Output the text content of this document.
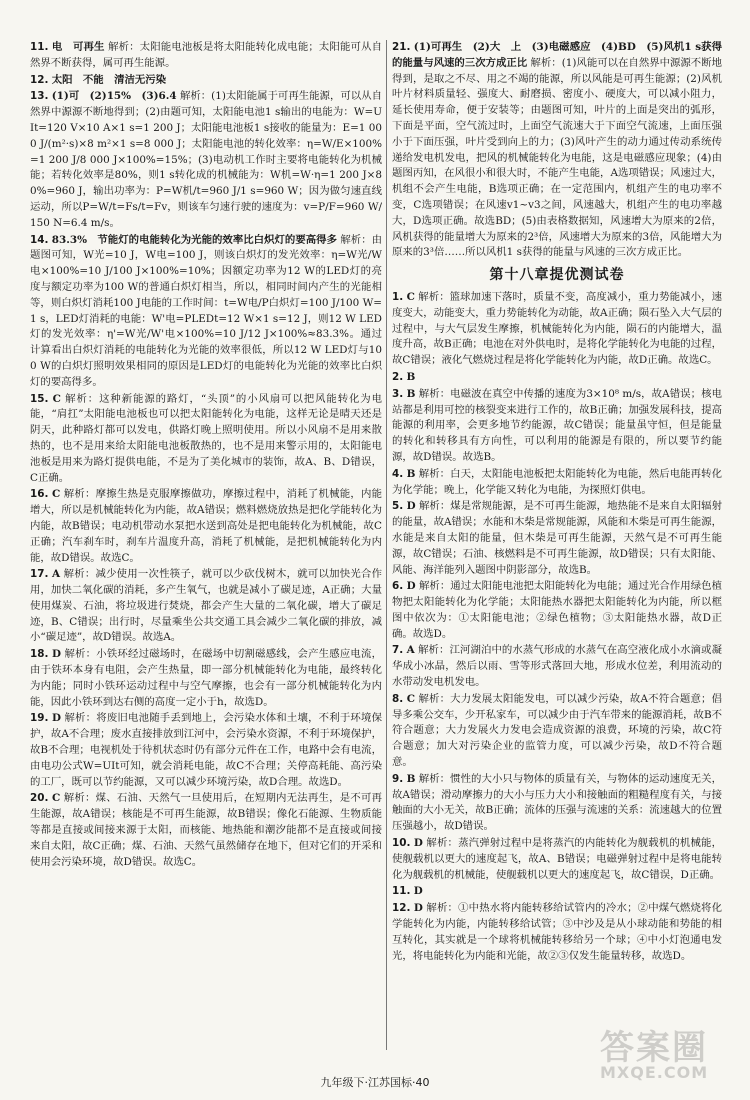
11. 电　可再生 解析：太阳能电池板是将太阳能转化成电能；太阳能可从自然界不断获得，属可再生能源。
12. 太阳　不能　清洁无污染
13. (1)可　(2)15%　(3)6.4 解析：(1)太阳能属于可再生能源，可以从自然界中源源不断地得到；(2)由题可知，太阳能电池1 s输出的电能为：W=UIt=120 V×10 A×1 s=1 200 J；太阳能电池板1 s接收的能量为：E=1 000 J/(m²·s)×8 m²×1 s=8 000 J；太阳能电池的转化效率：η=W/E×100%=1 200 J/8 000 J×100%=15%；(3)电动机工作时主要将电能转化为机械能；若转化效率是80%，则1 s转化成的机械能为：W机=W·η=1 200 J×80%=960 J，输出功率为：P=W机/t=960 J/1 s=960 W；因为做匀速直线运动，所以P=W/t=Fs/t=Fv，则该车匀速行驶的速度为：v=P/F=960 W/150 N=6.4 m/s。
14. 83.3%　节能灯的电能转化为光能的效率比白炽灯的要高得多 解析：由题图可知，W光=10 J，W电=100 J，则该白炽灯的发光效率：η=W光/W电×100%=10 J/100 J×100%=10%；因额定功率为12 W的LED灯的亮度与额定功率为100 W的普通白炽灯相当，所以，相同时间内产生的光能相等，则白炽灯消耗100 J电能的工作时间：t=W电/P白炽灯=100 J/100 W=1 s，LED灯消耗的电能：W'电=PLEDt=12 W×1 s=12 J，则12 W LED灯的发光效率：η'=W光/W'电×100%=10 J/12 J×100%≈83.3%。通过计算看出白炽灯消耗的电能转化为光能的效率很低，所以12 W LED灯与100 W的白炽灯照明效果相同的原因是LED灯的电能转化为光能的效率比白炽灯的要高得多。
15. C 解析：这种新能源的路灯，“头顶”的小风扇可以把风能转化为电能，“肩扛”太阳能电池板也可以把太阳能转化为电能，这样无论是晴天还是阴天，此种路灯都可以发电，供路灯晚上照明使用。所以小风扇不是用来散热的，也不是用来给太阳能电池板散热的，也不是用来警示用的，太阳能电池板是用来为路灯提供电能，不是为了美化城市的装饰，故A、B、D错误，C正确。
16. C 解析：摩擦生热是克服摩擦做功，摩擦过程中，消耗了机械能，内能增大，所以是机械能转化为内能，故A错误；燃料燃烧放热是把化学能转化为内能，故B错误；电动机带动水泵把水送到高处是把电能转化为机械能，故C正确；汽车刹车时，刹车片温度升高，消耗了机械能，是把机械能转化为内能，故D错误。故选C。
17. A 解析：减少使用一次性筷子，就可以少砍伐树木，就可以加快光合作用，加快二氧化碳的消耗，多产生氧气，也就是减小了碳足迹，A正确；大量使用煤炭、石油，将垃圾进行焚烧，都会产生大量的二氧化碳，增大了碳足迹，B、C错误；出行时，尽量乘坐公共交通工具会减少二氧化碳的排放，减小“碳足迹”，故D错误。故选A。
18. D 解析：小铁环经过磁场时，在磁场中切割磁感线，会产生感应电流，由于铁环本身有电阻，会产生热量，即一部分机械能转化为电能，最终转化为内能；同时小铁环运动过程中与空气摩擦，也会有一部分机械能转化为内能，因此小铁环到达右侧的高度一定小于h，故选D。
19. D 解析：将废旧电池随手丢到地上，会污染水体和土壤，不利于环境保护，故A不合理；废水直接排放到江河中，会污染水资源，不利于环境保护，故B不合理；电视机处于待机状态时仍有部分元件在工作，电路中会有电流，由电功公式W=UIt可知，就会消耗电能，故C不合理；关停高耗能、高污染的工厂，既可以节约能源，又可以减少环境污染，故D合理。故选D。
20. C 解析：煤、石油、天然气一旦使用后，在短期内无法再生，是不可再生能源，故A错误；核能是不可再生能源，故B错误；像化石能源、生物质能等都是直接或间接来源于太阳，而核能、地热能和潮汐能都不是直接或间接来自太阳，故C正确；煤、石油、天然气虽然储存在地下，但对它们的开采和使用会污染环境，故D错误。故选C。
21. (1)可再生　(2)大　上　(3)电磁感应　(4)BD　(5)风机1 s获得的能量与风速的三次方成正比 解析：(1)风能可以在自然界中源源不断地得到，是取之不尽、用之不竭的能源，所以风能是可再生能源；(2)风机叶片材料质量轻、强度大、耐磨损、密度小、硬度大，可以减小阻力，延长使用寿命，便于安装等；由题图可知，叶片的上面是突出的弧形，下面是平面，空气流过时，上面空气流速大于下面空气流速，上面压强小于下面压强，叶片受到向上的力；(3)风叶产生的动力通过传动系统传递给发电机发电，把风的机械能转化为电能，这是电磁感应现象；(4)由题图丙知，在风很小和很大时，不能产生电能，A选项错误；风速过大，机组不会产生电能，B选项正确；在一定范围内，机组产生的电功率不变，C选项错误；在风速v1~v3之间，风速越大，机组产生的电功率越大，D选项正确。故选BD；(5)由表格数据知，风速增大为原来的2倍，风机获得的能量增大为原来的2³倍，风速增大为原来的3倍，风能增大为原来的3³倍……所以风机1 s获得的能量与风速的三次方成正比。
第十八章提优测试卷
1. C 解析：篮球加速下落时，质量不变，高度减小，重力势能减小，速度变大，动能变大，重力势能转化为动能，故A正确；陨石坠入大气层的过程中，与大气层发生摩擦，机械能转化为内能，陨石的内能增大，温度升高，故B正确；电池在对外供电时，是将化学能转化为电能的过程，故C错误；液化气燃烧过程是将化学能转化为内能，故D正确。故选C。
2. B
3. B 解析：电磁波在真空中传播的速度为3×10⁸ m/s，故A错误；核电站都是利用可控的核裂变来进行工作的，故B正确；加强发展科技，提高能源的利用率，会更多地节约能源，故C错误；能量虽守恒，但是能量的转化和转移具有方向性，可以利用的能源是有限的，所以要节约能源，故D错误。故选B。
4. B 解析：白天，太阳能电池板把太阳能转化为电能，然后电能再转化为化学能；晚上，化学能又转化为电能，为探照灯供电。
5. D 解析：煤是常规能源，是不可再生能源，地热能不是来自太阳辐射的能量，故A错误；水能和木柴是常规能源，风能和木柴是可再生能源，水能是来自太阳的能量，但木柴是可再生能源，天然气是不可再生能源，故C错误；石油、核燃料是不可再生能源，故D错误；只有太阳能、风能、海洋能列入题图中阴影部分，故选B。
6. D 解析：通过太阳能电池把太阳能转化为电能；通过光合作用绿色植物把太阳能转化为化学能；太阳能热水器把太阳能转化为内能，所以框图中依次为：①太阳能电池；②绿色植物；③太阳能热水器，故D正确。故选D。
7. A 解析：江河湖泊中的水蒸气形成的水蒸气在高空液化成小水滴或凝华成小冰晶，然后以雨、雪等形式落回大地，形成水位差，利用流动的水带动发电机发电。
8. C 解析：大力发展太阳能发电，可以减少污染，故A不符合题意；倡导多乘公交车，少开私家车，可以减少由于汽车带来的能源消耗，故B不符合题意；大力发展火力发电会造成资源的浪费，环境的污染，故C符合题意；加大对污染企业的监管力度，可以减少污染，故D不符合题意。
9. B 解析：惯性的大小只与物体的质量有关，与物体的运动速度无关，故A错误；滑动摩擦力的大小与压力大小和接触面的粗糙程度有关，与接触面的大小无关，故B正确；流体的压强与流速的关系：流速越大的位置压强越小，故D错误。
10. D 解析：蒸汽弹射过程中是将蒸汽的内能转化为舰载机的机械能，使舰载机以更大的速度起飞，故A、B错误；电磁弹射过程中是将电能转化为舰载机的机械能，使舰载机以更大的速度起飞，故C错误，D正确。
11. D
12. D 解析：①中热水将内能转移给试管内的冷水；②中煤气燃烧将化学能转化为内能，内能转移给试管；③中沙及是从小球动能和势能的相互转化，其实就是一个球将机械能转移给另一个球；④中小灯泡通电发光，将电能转化为内能和光能，故②③仅发生能量转移，故选D。
九年级下·江苏国标·40
答案圈
MXQE.COM
